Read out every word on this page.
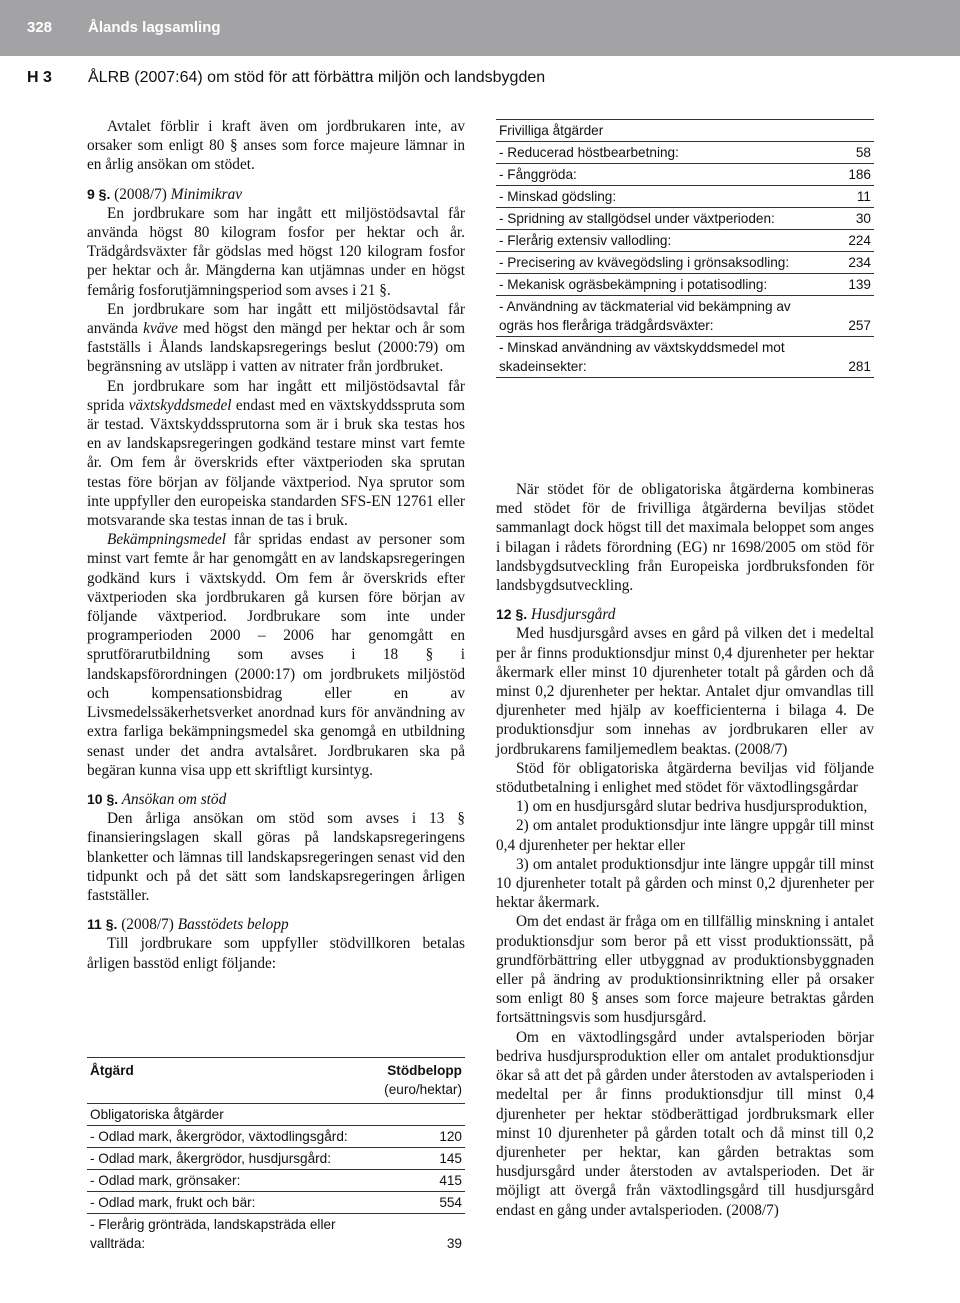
328 Ålands lagsamling
H 3 ÅLRB (2007:64) om stöd för att förbättra miljön och landsbygden

Avtalet förblir i kraft även om jordbrukaren inte, av orsaker som enligt 80 § anses som force majeure lämnar in en årlig ansökan om stödet.

9 §. (2008/7) Minimikrav

En jordbrukare som har ingått ett miljöstödsavtal får använda högst 80 kilogram fosfor per hektar och år. Trädgårdsväxter får gödslas med högst 120 kilogram fosfor per hektar och år. Mängderna kan utjämnas under en högst femårig fosforutjämningsperiod som avses i 21 §.

En jordbrukare som har ingått ett miljöstödsavtal får använda kväve med högst den mängd per hektar och år som fastställs i Ålands landskapsregerings beslut (2000:79) om begränsning av utsläpp i vatten av nitrater från jordbruket.

En jordbrukare som har ingått ett miljöstödsavtal får sprida växtskyddsmedel endast med en växtskyddsspruta som är testad. Växtskyddssprutorna som är i bruk ska testas hos en av landskapsregeringen godkänd testare minst vart femte år. Om fem år överskrids efter växtperioden ska sprutan testas före början av följande växtperiod. Nya sprutor som inte uppfyller den europeiska standarden SFS-EN 12761 eller motsvarande ska testas innan de tas i bruk.

Bekämpningsmedel får spridas endast av personer som minst vart femte år har genomgått en av landskapsregeringen godkänd kurs i växtskydd. Om fem år överskrids efter växtperioden ska jordbrukaren gå kursen före början av följande växtperiod. Jordbrukare som inte under programperioden 2000 – 2006 har genomgått en sprutförarutbildning som avses i 18 § i landskapsförordningen (2000:17) om jordbrukets miljöstöd och kompensationsbidrag eller en av Livsmedelssäkerhetsverket anordnad kurs för användning av extra farliga bekämpningsmedel ska genomgå en utbildning senast under det andra avtalsåret. Jordbrukaren ska på begäran kunna visa upp ett skriftligt kursintyg.

10 §. Ansökan om stöd

Den årliga ansökan om stöd som avses i 13 § finansieringslagen skall göras på landskapsregeringens blanketter och lämnas till landskapsregeringen senast vid den tidpunkt och på det sätt som landskapsregeringen årligen fastställer.

11 §. (2008/7) Basstödets belopp

Till jordbrukare som uppfyller stödvillkoren betalas årligen basstöd enligt följande:

Åtgärd	Stödbelopp
(euro/hektar)
Obligatoriska åtgärder	
- Odlad mark, åkergrödor, växtodlingsgård:	120
- Odlad mark, åkergrödor, husdjursgård:	145
- Odlad mark, grönsaker:	415
- Odlad mark, frukt och bär:	554
- Flerårig grönträda, landskapsträda eller vallträda:	39
Frivilliga åtgärder	
- Reducerad höstbearbetning:	58
- Fånggröda:	186
- Minskad gödsling:	11
- Spridning av stallgödsel under växtperioden:	30
- Flerårig extensiv vallodling:	224
- Precisering av kvävegödsling i grönsaksodling:	234
- Mekanisk ogräsbekämpning i potatisodling:	139
- Användning av täckmaterial vid bekämpning av ogräs hos fleråriga trädgårdsväxter:	257
- Minskad användning av växtskyddsmedel mot skadeinsekter:	281

När stödet för de obligatoriska åtgärderna kombineras med stödet för de frivilliga åtgärderna beviljas stödet sammanlagt dock högst till det maximala beloppet som anges i bilagan i rådets förordning (EG) nr 1698/2005 om stöd för landsbygdsutveckling från Europeiska jordbruksfonden för landsbygdsutveckling.

12 §. Husdjursgård

Med husdjursgård avses en gård på vilken det i medeltal per år finns produktionsdjur minst 0,4 djurenheter per hektar åkermark eller minst 10 djurenheter totalt på gården och då minst 0,2 djurenheter per hektar. Antalet djur omvandlas till djurenheter med hjälp av koefficienterna i bilaga 4. De produktionsdjur som innehas av jordbrukaren eller av jordbrukarens familjemedlem beaktas. (2008/7)

Stöd för obligatoriska åtgärderna beviljas vid följande stödutbetalning i enlighet med stödet för växtodlingsgårdar

1) om en husdjursgård slutar bedriva husdjursproduktion,

2) om antalet produktionsdjur inte längre uppgår till minst 0,4 djurenheter per hektar eller

3) om antalet produktionsdjur inte längre uppgår till minst 10 djurenheter totalt på gården och minst 0,2 djurenheter per hektar åkermark.

Om det endast är fråga om en tillfällig minskning i antalet produktionsdjur som beror på ett visst produktionssätt, på grundförbättring eller utbyggnad av produktionsbyggnaden eller på ändring av produktionsinriktning eller på orsaker som enligt 80 § anses som force majeure betraktas gården fortsättningsvis som husdjursgård.

Om en växtodlingsgård under avtalsperioden börjar bedriva husdjursproduktion eller om antalet produktionsdjur ökar så att det på gården under återstoden av avtalsperioden i medeltal per år finns produktionsdjur till minst 0,4 djurenheter per hektar stödberättigad jordbruksmark eller minst 10 djurenheter på gården totalt och då minst till 0,2 djurenheter per hektar, kan gården betraktas som husdjursgård under återstoden av avtalsperioden. Det är möjligt att övergå från växtodlingsgård till husdjursgård endast en gång under avtalsperioden. (2008/7)
